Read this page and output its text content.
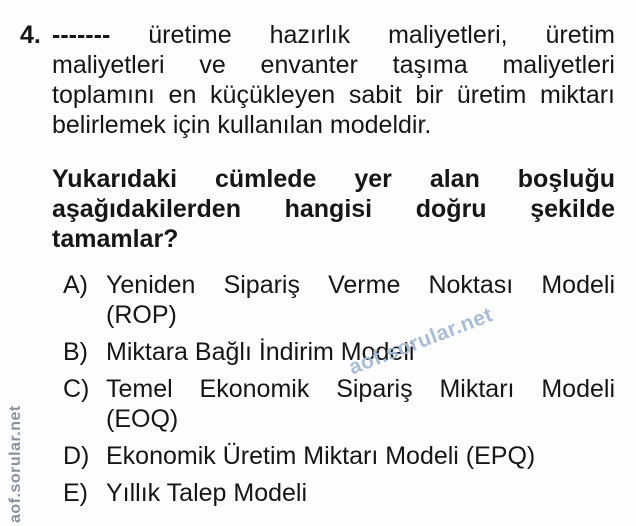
aof.sorular.net
aof.sorular.net
4. ------- üretime hazırlık maliyetleri, üretim
maliyetleri ve envanter taşıma maliyetleri
toplamını en küçükleyen sabit bir üretim miktarı
belirlemek için kullanılan modeldir.
Yukarıdaki cümlede yer alan boşluğu
aşağıdakilerden hangisi doğru şekilde
tamamlar?
A) Yeniden Sipariş Verme Noktası Modeli
(ROP)
B) Miktara Bağlı İndirim Modeli
C) Temel Ekonomik Sipariş Miktarı Modeli
(EOQ)
D) Ekonomik Üretim Miktarı Modeli (EPQ)
E) Yıllık Talep Modeli
